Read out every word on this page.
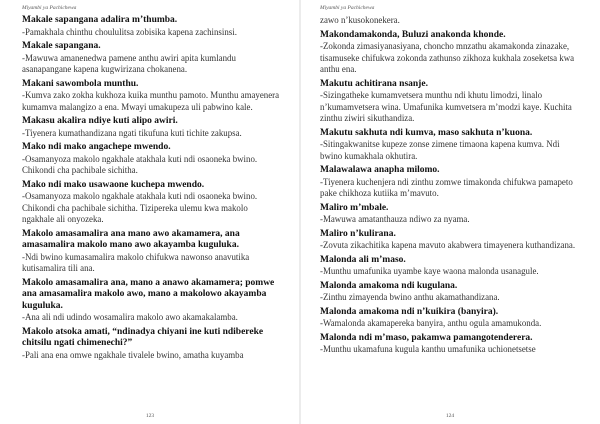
Miyambi ya Pachichewa
Makale sapangana adalira m’thumba.
-Pamakhala chinthu choululitsa zobisika kapena zachinsinsi.
Makale sapangana.
-Mawuwa amanenedwa pamene anthu awiri apita kumlandu asanapangane kapena kugwirizana chokanena.
Makani sawombola munthu.
-Kumva zako zokha kukhoza kuika munthu pamoto. Munthu amayenera kumamva malangizo a ena. Mwayi umakupeza uli pabwino kale.
Makasu akalira ndiye kuti alipo awiri.
-Tiyenera kumathandizana ngati tikufuna kuti tichite zakupsa.
Mako ndi mako angachepe mwendo.
-Osamanyoza makolo ngakhale atakhala kuti ndi osaoneka bwino. Chikondi cha pachibale sichitha.
Mako ndi mako usawaone kuchepa mwendo.
-Osamanyoza makolo ngakhale atakhala kuti ndi osaoneka bwino. Chikondi cha pachibale sichitha. Tizipereka ulemu kwa makolo ngakhale ali onyozeka.
Makolo amasamalira ana mano awo akamamera, ana amasamalira makolo mano awo akayamba kuguluka.
-Ndi bwino kumasamalira makolo chifukwa nawonso anavutika kutisamalira tili ana.
Makolo amasamalira ana, mano a anawo akamamera; pomwe ana amasamalira makolo awo, mano a makolowo akayamba kuguluka.
-Ana ali ndi udindo wosamalira makolo awo akamakalamba.
Makolo atsoka amati, “ndinadya chiyani ine kuti ndibereke chitsilu ngati chimenechi?”
-Pali ana ena omwe ngakhale tivalele bwino, amatha kuyamba
123
Miyambi ya Pachichewa
zawo n’kusokonekera.
Makondamakonda, Buluzi anakonda khonde.
-Zokonda zimasiyanasiyana, choncho mnzathu akamakonda zinazake, tisamuseke chifukwa zokonda zathunso zikhoza kukhala zoseketsa kwa anthu ena.
Makutu achitirana nsanje.
-Sizingatheke kumamvetsera munthu ndi khutu limodzi, linalo n’kumamvetsera wina. Umafunika kumvetsera m’modzi kaye. Kuchita zinthu ziwiri sikuthandiza.
Makutu sakhuta ndi kumva, maso sakhuta n’kuona.
-Sitingakwanitse kupeze zonse zimene timaona kapena kumva. Ndi bwino kumakhala okhutira.
Malawalawa anapha milomo.
-Tiyenera kuchenjera ndi zinthu zomwe timakonda chifukwa pamapeto pake chikhoza kutiika m’mavuto.
Maliro m’mbale.
-Mawuwa amatanthauza ndiwo za nyama.
Maliro n’kulirana.
-Zovuta zikachitika kapena mavuto akabwera timayenera kuthandizana.
Malonda ali m’maso.
-Munthu umafunika uyambe kaye waona malonda usanagule.
Malonda amakoma ndi kugulana.
-Zinthu zimayenda bwino anthu akamathandizana.
Malonda amakoma ndi n’kuikira (banyira).
-Wamalonda akamapereka banyira, anthu ogula amamukonda.
Malonda ndi m’maso, pakamwa pamangotenderera.
-Munthu ukamafuna kugula kanthu umafunika uchionetsetse
124
